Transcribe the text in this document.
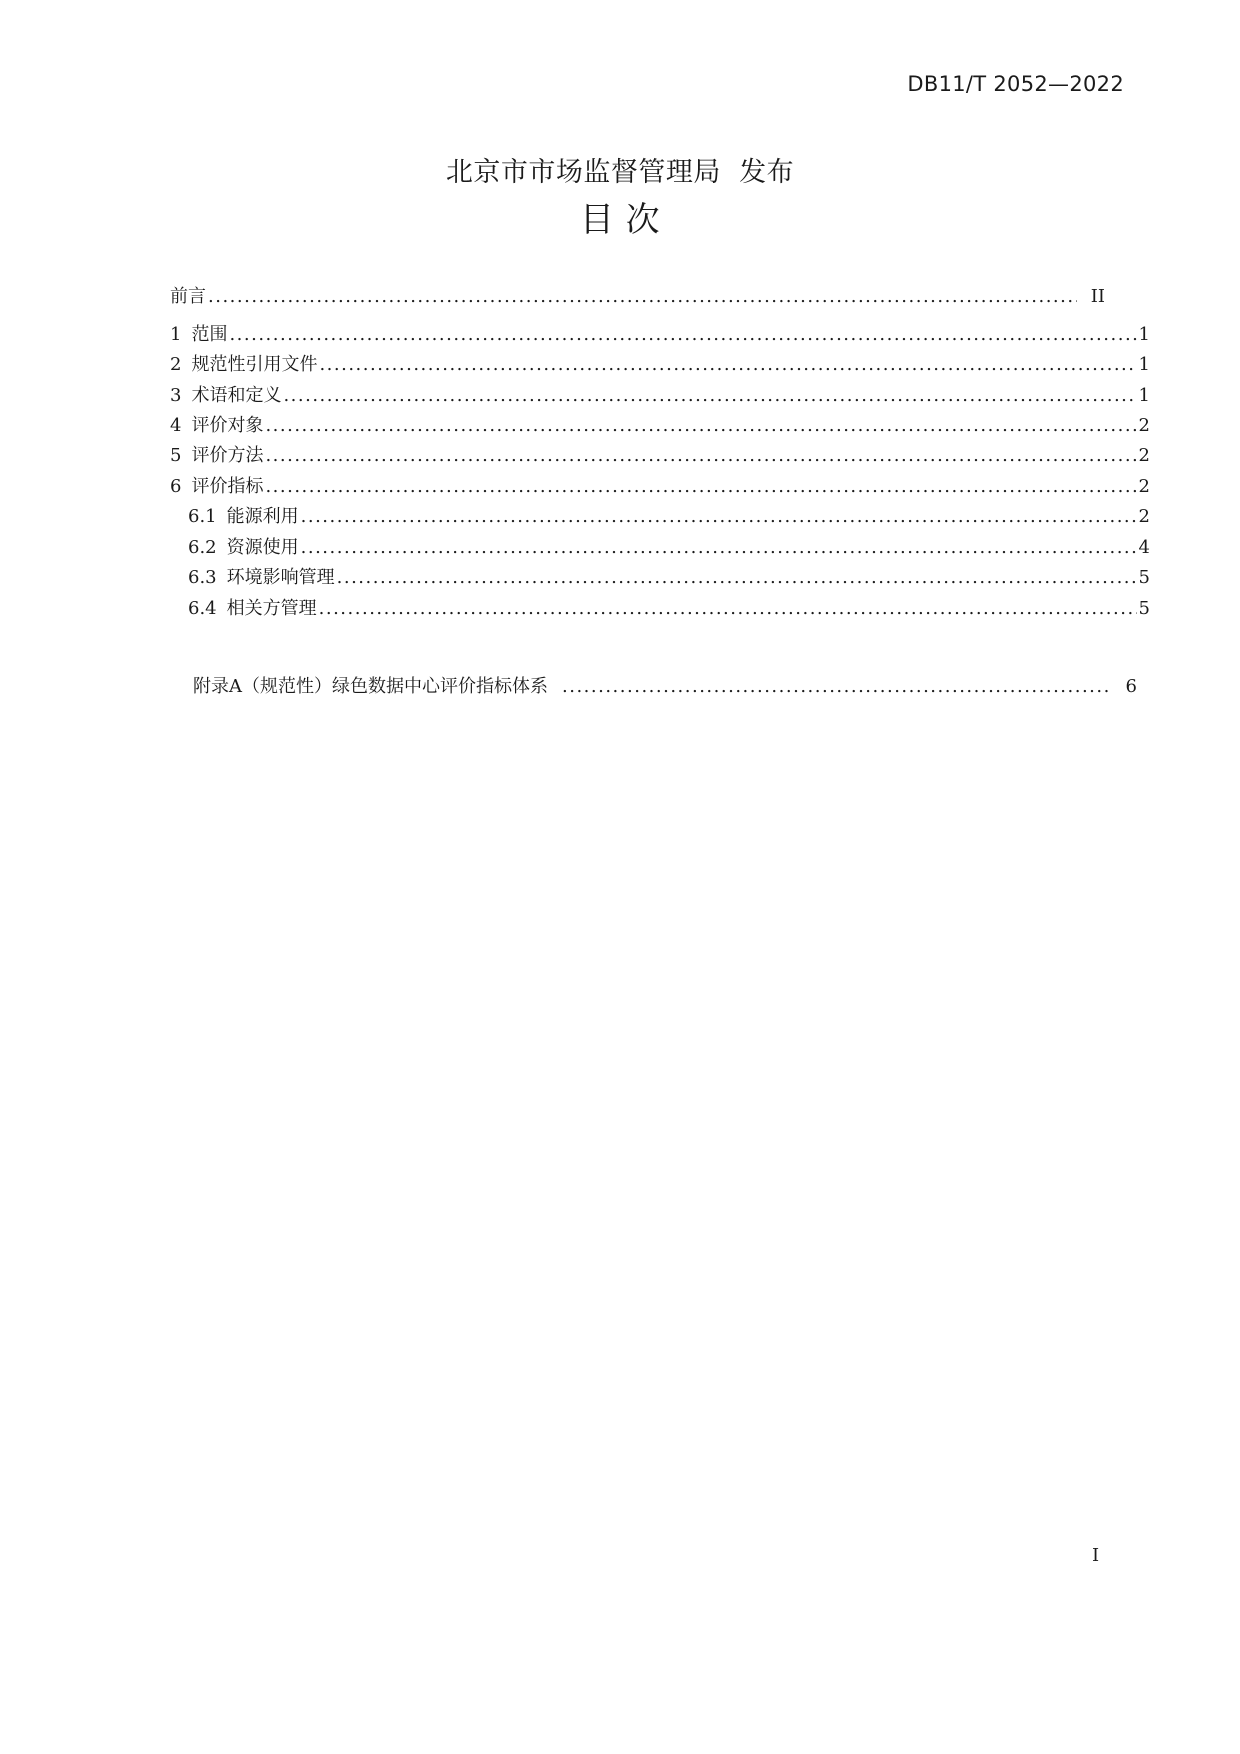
DB11/T 2052—2022
北京市市场监督管理局  发布
目 次
前言 .....	II
1 范围 .....	1
2 规范性引用文件 .....	1
3 术语和定义 .....	1
4 评价对象 .....	2
5 评价方法 .....	2
6 评价指标 .....	2
6.1 能源利用 .....	2
6.2 资源使用 .....	4
6.3 环境影响管理 .....	5
6.4 相关方管理 .....	5
附录A（规范性）绿色数据中心评价指标体系 .....	6
I
